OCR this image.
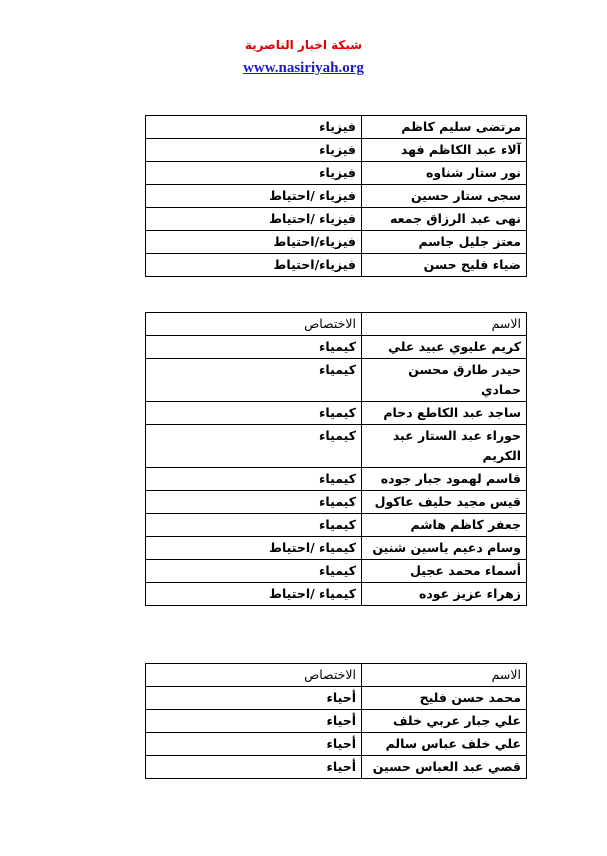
شبكة اخبار الناصرية
www.nasiriyah.org
مرتضى سليم كاظم	فيزياء
آلاء عبد الكاظم فهد	فيزياء
نور ستار شناوه	فيزياء
سجى ستار حسين	فيزياء /احتياط
نهى عبد الرزاق جمعه	فيزياء /احتياط
معتز جليل جاسم	فيزياء/احتياط
ضياء فليح حسن	فيزياء/احتياط
الاسم	الاختصاص
كريم عليوي عبيد علي	كيمياء
حيدر طارق محسن حمادي	كيمياء
ساجد عبد الكاطع دحام	كيمياء
حوراء عبد الستار عبد الكريم	كيمياء
قاسم لهمود جبار جوده	كيمياء
قيس مجيد حليف عاكول	كيمياء
جعفر كاظم هاشم	كيمياء
وسام دعيم ياسين شنين	كيمياء /احتياط
أسماء محمد عجيل	كيمياء
زهراء عزيز عوده	كيمياء /احتياط
الاسم	الاختصاص
محمد حسن فليح	أحياء
علي جبار عربي خلف	أحياء
علي خلف عباس سالم	أحياء
قصي عبد العباس حسين	أحياء
